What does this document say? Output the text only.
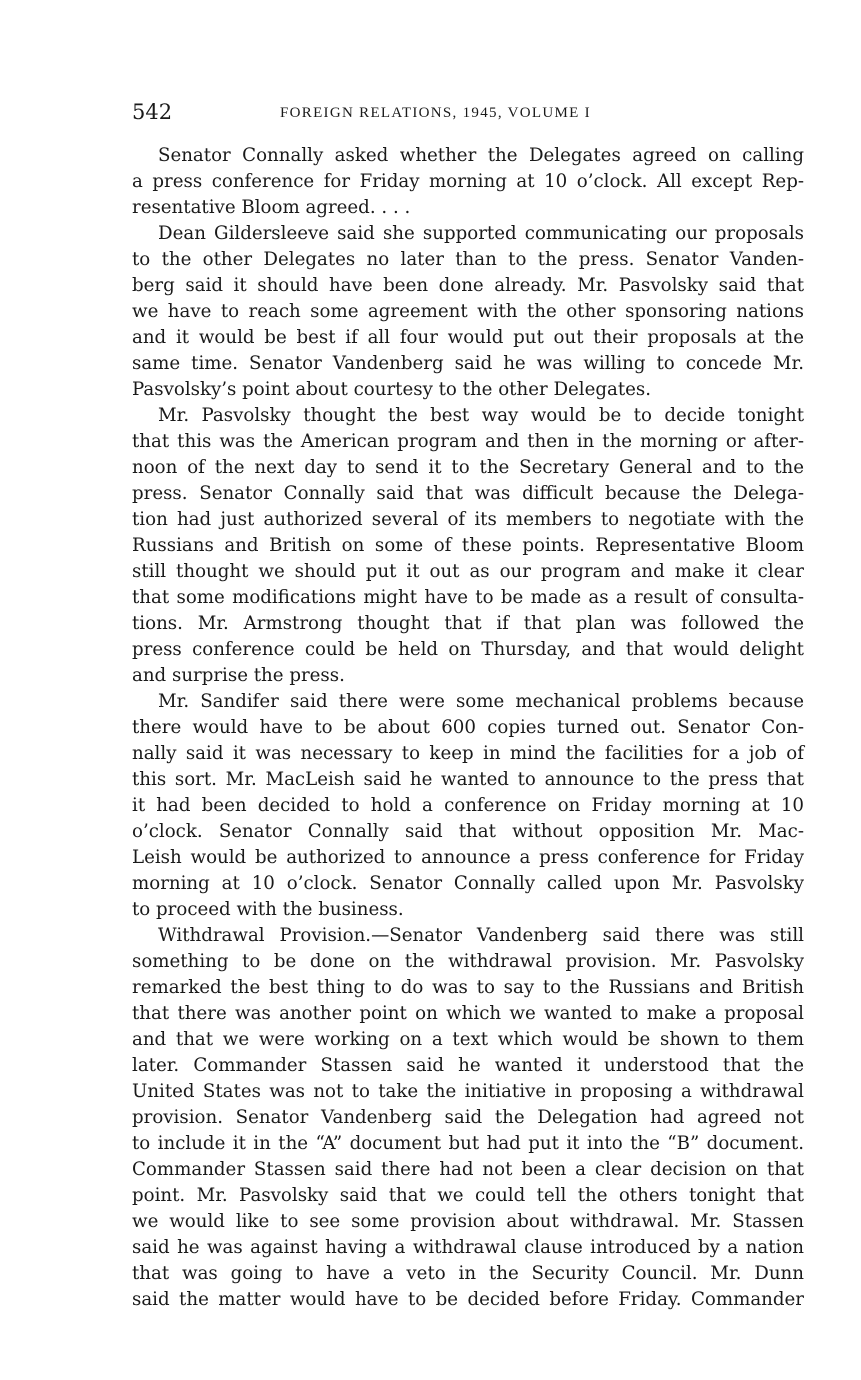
542	FOREIGN RELATIONS, 1945, VOLUME I
Senator Connally asked whether the Delegates agreed on calling
a press conference for Friday morning at 10 o’clock. All except Rep-
resentative Bloom agreed. . . .
Dean Gildersleeve said she supported communicating our proposals
to the other Delegates no later than to the press. Senator Vanden-
berg said it should have been done already. Mr. Pasvolsky said that
we have to reach some agreement with the other sponsoring nations
and it would be best if all four would put out their proposals at the
same time. Senator Vandenberg said he was willing to concede Mr.
Pasvolsky’s point about courtesy to the other Delegates.
Mr. Pasvolsky thought the best way would be to decide tonight
that this was the American program and then in the morning or after-
noon of the next day to send it to the Secretary General and to the
press. Senator Connally said that was difficult because the Delega-
tion had just authorized several of its members to negotiate with the
Russians and British on some of these points. Representative Bloom
still thought we should put it out as our program and make it clear
that some modifications might have to be made as a result of consulta-
tions. Mr. Armstrong thought that if that plan was followed the
press conference could be held on Thursday, and that would delight
and surprise the press.
Mr. Sandifer said there were some mechanical problems because
there would have to be about 600 copies turned out. Senator Con-
nally said it was necessary to keep in mind the facilities for a job of
this sort. Mr. MacLeish said he wanted to announce to the press that
it had been decided to hold a conference on Friday morning at 10
o’clock. Senator Connally said that without opposition Mr. Mac-
Leish would be authorized to announce a press conference for Friday
morning at 10 o’clock. Senator Connally called upon Mr. Pasvolsky
to proceed with the business.
Withdrawal Provision.—Senator Vandenberg said there was still
something to be done on the withdrawal provision. Mr. Pasvolsky
remarked the best thing to do was to say to the Russians and British
that there was another point on which we wanted to make a proposal
and that we were working on a text which would be shown to them
later. Commander Stassen said he wanted it understood that the
United States was not to take the initiative in proposing a withdrawal
provision. Senator Vandenberg said the Delegation had agreed not
to include it in the “A” document but had put it into the “B” document.
Commander Stassen said there had not been a clear decision on that
point. Mr. Pasvolsky said that we could tell the others tonight that
we would like to see some provision about withdrawal. Mr. Stassen
said he was against having a withdrawal clause introduced by a nation
that was going to have a veto in the Security Council. Mr. Dunn
said the matter would have to be decided before Friday. Commander
